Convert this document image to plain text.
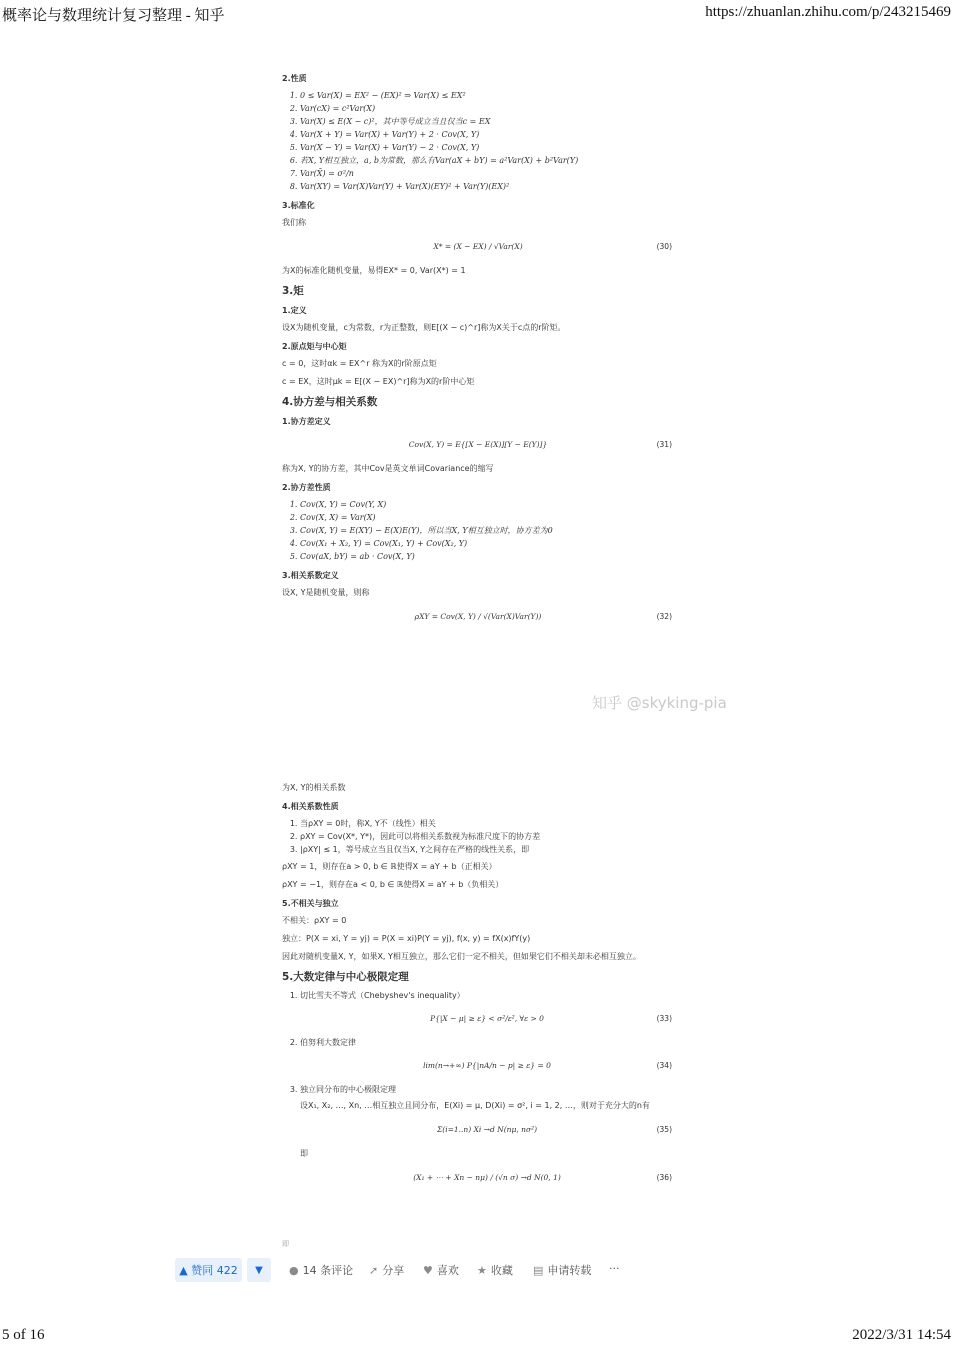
概率论与数理统计复习整理 - 知乎	https://zhuanlan.zhihu.com/p/243215469
2.性质
1. 0 ≤ Var(X) = EX² − (EX)² ⇒ Var(X) ≤ EX²
2. Var(cX) = c²Var(X)
3. Var(X) ≤ E(X − c)²，其中等号成立当且仅当c = EX
4. Var(X + Y) = Var(X) + Var(Y) + 2 · Cov(X, Y)
5. Var(X − Y) = Var(X) + Var(Y) − 2 · Cov(X, Y)
6. 若X, Y相互独立，a, b为常数，那么有Var(aX + bY) = a²Var(X) + b²Var(Y)
7. Var(X̄) = σ²/n
8. Var(XY) = Var(X)Var(Y) + Var(X)(EY)² + Var(Y)(EX)²
3.标准化

我们称

X* = (X − EX) / √Var(X)	(30)

为X的标准化随机变量，易得EX* = 0, Var(X*) = 1

3.矩
1.定义

设X为随机变量，c为常数，r为正整数，则E[(X − c)^r]称为X关于c点的r阶矩。

2.原点矩与中心矩

c = 0，这时αk = EX^r 称为X的r阶原点矩

c = EX，这时μk = E[(X − EX)^r]称为X的r阶中心矩

4.协方差与相关系数
1.协方差定义
Cov(X, Y) = E{[X − E(X)][Y − E(Y)]}	(31)

称为X, Y的协方差，其中Cov是英文单词Covariance的缩写

2.协方差性质
1. Cov(X, Y) = Cov(Y, X)
2. Cov(X, X) = Var(X)
3. Cov(X, Y) = E(XY) − E(X)E(Y)，所以当X, Y相互独立时，协方差为0
4. Cov(X₁ + X₂, Y) = Cov(X₁, Y) + Cov(X₂, Y)
5. Cov(aX, bY) = ab · Cov(X, Y)
3.相关系数定义

设X, Y是随机变量，则称

ρXY = Cov(X, Y) / √(Var(X)Var(Y))	(32)
知乎 @skyking-pia

为X, Y的相关系数

4.相关系数性质
1. 当ρXY = 0时，称X, Y不（线性）相关
2. ρXY = Cov(X*, Y*)，因此可以将相关系数视为标准尺度下的协方差
3. |ρXY| ≤ 1，等号成立当且仅当X, Y之间存在严格的线性关系，即

ρXY = 1，则存在a > 0, b ∈ ℝ使得X = aY + b（正相关）

ρXY = −1，则存在a < 0, b ∈ ℝ使得X = aY + b（负相关）

5.不相关与独立

不相关：ρXY = 0

独立：P(X = xi, Y = yj) = P(X = xi)P(Y = yj), f(x, y) = fX(x)fY(y)

因此对随机变量X, Y，如果X, Y相互独立，那么它们一定不相关，但如果它们不相关却未必相互独立。

5.大数定律与中心极限定理
1. 切比雪夫不等式（Chebyshev's inequality）
P{|X − μ| ≥ ε} < σ²/ε², ∀ε > 0	(33)
2. 伯努利大数定律
lim(n→+∞) P{|nA/n − p| ≥ ε} = 0	(34)
3. 独立同分布的中心极限定理

设X₁, X₂, …, Xn, …相互独立且同分布，E(Xi) = μ, D(Xi) = σ², i = 1, 2, …，则对于充分大的n有

Σ(i=1..n) Xi →d N(nμ, nσ²)	(35)

即

(X₁ + ⋯ + Xn − nμ) / (√n σ) →d N(0, 1)	(36)
即
▲ 赞同 422	▼	● 14 条评论 ➚ 分享 ♥ 喜欢 ★ 收藏 ▤ 申请转载 ···
5 of 16	2022/3/31 14:54
